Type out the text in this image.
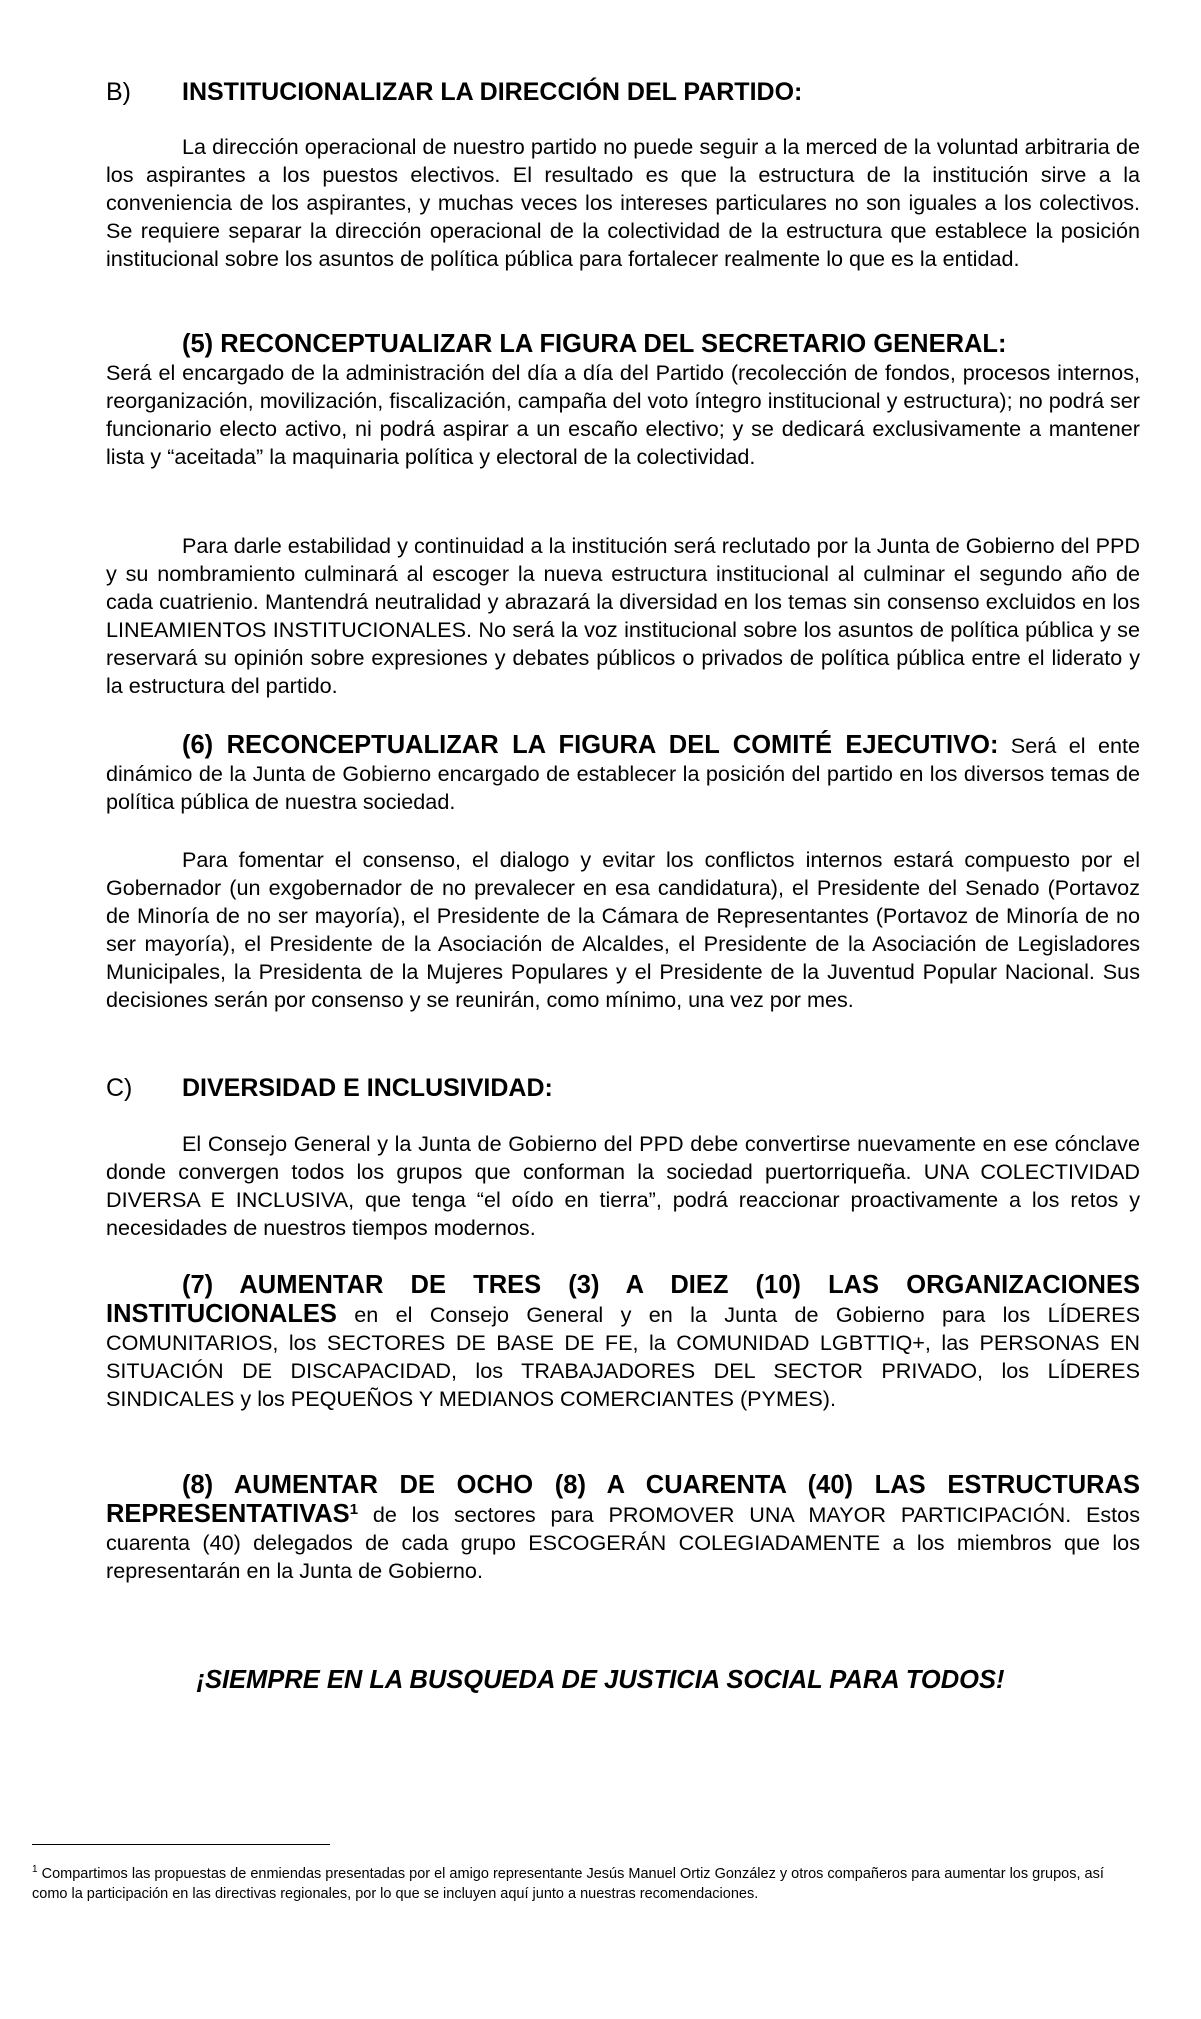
B) INSTITUCIONALIZAR LA DIRECCIÓN DEL PARTIDO:

La dirección operacional de nuestro partido no puede seguir a la merced de la voluntad arbitraria de los aspirantes a los puestos electivos. El resultado es que la estructura de la institución sirve a la conveniencia de los aspirantes, y muchas veces los intereses particulares no son iguales a los colectivos. Se requiere separar la dirección operacional de la colectividad de la estructura que establece la posición institucional sobre los asuntos de política pública para fortalecer realmente lo que es la entidad.

(5) RECONCEPTUALIZAR LA FIGURA DEL SECRETARIO GENERAL:
Será el encargado de la administración del día a día del Partido (recolección de fondos, procesos internos, reorganización, movilización, fiscalización, campaña del voto íntegro institucional y estructura); no podrá ser funcionario electo activo, ni podrá aspirar a un escaño electivo; y se dedicará exclusivamente a mantener lista y “aceitada” la maquinaria política y electoral de la colectividad.

Para darle estabilidad y continuidad a la institución será reclutado por la Junta de Gobierno del PPD y su nombramiento culminará al escoger la nueva estructura institucional al culminar el segundo año de cada cuatrienio. Mantendrá neutralidad y abrazará la diversidad en los temas sin consenso excluidos en los LINEAMIENTOS INSTITUCIONALES. No será la voz institucional sobre los asuntos de política pública y se reservará su opinión sobre expresiones y debates públicos o privados de política pública entre el liderato y la estructura del partido.

(6) RECONCEPTUALIZAR LA FIGURA DEL COMITÉ EJECUTIVO: Será el ente dinámico de la Junta de Gobierno encargado de establecer la posición del partido en los diversos temas de política pública de nuestra sociedad.

Para fomentar el consenso, el dialogo y evitar los conflictos internos estará compuesto por el Gobernador (un exgobernador de no prevalecer en esa candidatura), el Presidente del Senado (Portavoz de Minoría de no ser mayoría), el Presidente de la Cámara de Representantes (Portavoz de Minoría de no ser mayoría), el Presidente de la Asociación de Alcaldes, el Presidente de la Asociación de Legisladores Municipales, la Presidenta de la Mujeres Populares y el Presidente de la Juventud Popular Nacional. Sus decisiones serán por consenso y se reunirán, como mínimo, una vez por mes.

C) DIVERSIDAD E INCLUSIVIDAD:

El Consejo General y la Junta de Gobierno del PPD debe convertirse nuevamente en ese cónclave donde convergen todos los grupos que conforman la sociedad puertorriqueña. UNA COLECTIVIDAD DIVERSA E INCLUSIVA, que tenga “el oído en tierra”, podrá reaccionar proactivamente a los retos y necesidades de nuestros tiempos modernos.

(7) AUMENTAR DE TRES (3) A DIEZ (10) LAS ORGANIZACIONES INSTITUCIONALES en el Consejo General y en la Junta de Gobierno para los LÍDERES COMUNITARIOS, los SECTORES DE BASE DE FE, la COMUNIDAD LGBTTIQ+, las PERSONAS EN SITUACIÓN DE DISCAPACIDAD, los TRABAJADORES DEL SECTOR PRIVADO, los LÍDERES SINDICALES y los PEQUEÑOS Y MEDIANOS COMERCIANTES (PYMES).

(8) AUMENTAR DE OCHO (8) A CUARENTA (40) LAS ESTRUCTURAS REPRESENTATIVAS$^1$ de los sectores para PROMOVER UNA MAYOR PARTICIPACIÓN. Estos cuarenta (40) delegados de cada grupo ESCOGERÁN COLEGIADAMENTE a los miembros que los representarán en la Junta de Gobierno.

¡SIEMPRE EN LA BUSQUEDA DE JUSTICIA SOCIAL PARA TODOS!

$^1$ Compartimos las propuestas de enmiendas presentadas por el amigo representante Jesús Manuel Ortiz González y otros compañeros para aumentar los grupos, así como la participación en las directivas regionales, por lo que se incluyen aquí junto a nuestras recomendaciones.
